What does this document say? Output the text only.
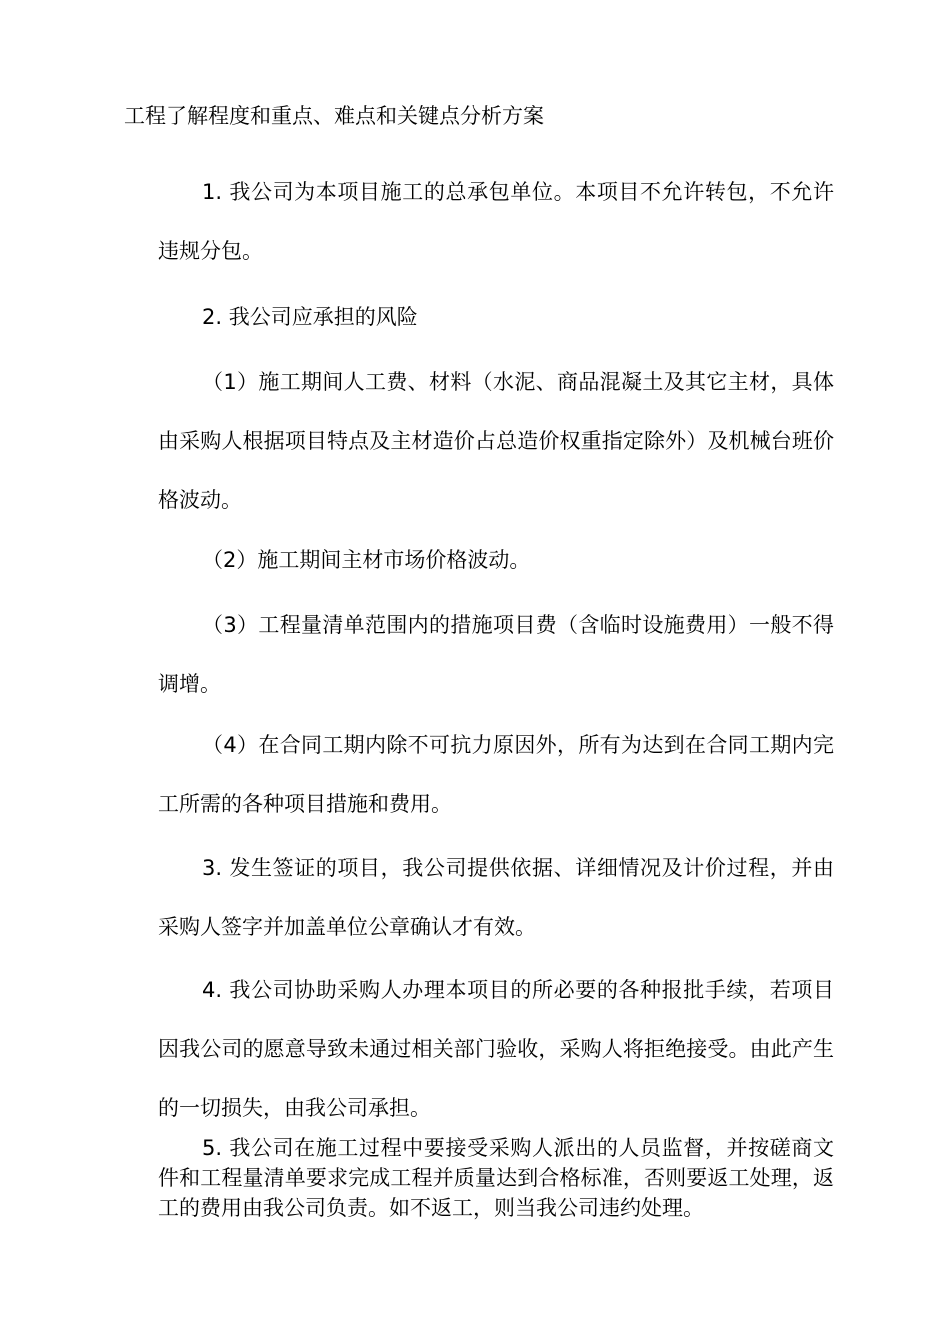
工程了解程度和重点、难点和关键点分析方案

1. 我公司为本项目施工的总承包单位。本项目不允许转包，不允许违规分包。

2. 我公司应承担的风险

（1）施工期间人工费、材料（水泥、商品混凝土及其它主材，具体由采购人根据项目特点及主材造价占总造价权重指定除外）及机械台班价格波动。

（2）施工期间主材市场价格波动。

（3）工程量清单范围内的措施项目费（含临时设施费用）一般不得调增。

（4）在合同工期内除不可抗力原因外，所有为达到在合同工期内完工所需的各种项目措施和费用。

3. 发生签证的项目，我公司提供依据、详细情况及计价过程，并由采购人签字并加盖单位公章确认才有效。

4. 我公司协助采购人办理本项目的所必要的各种报批手续，若项目因我公司的愿意导致未通过相关部门验收，采购人将拒绝接受。由此产生的一切损失，由我公司承担。

5. 我公司在施工过程中要接受采购人派出的人员监督，并按磋商文件和工程量清单要求完成工程并质量达到合格标准，否则要返工处理，返工的费用由我公司负责。如不返工，则当我公司违约处理。
